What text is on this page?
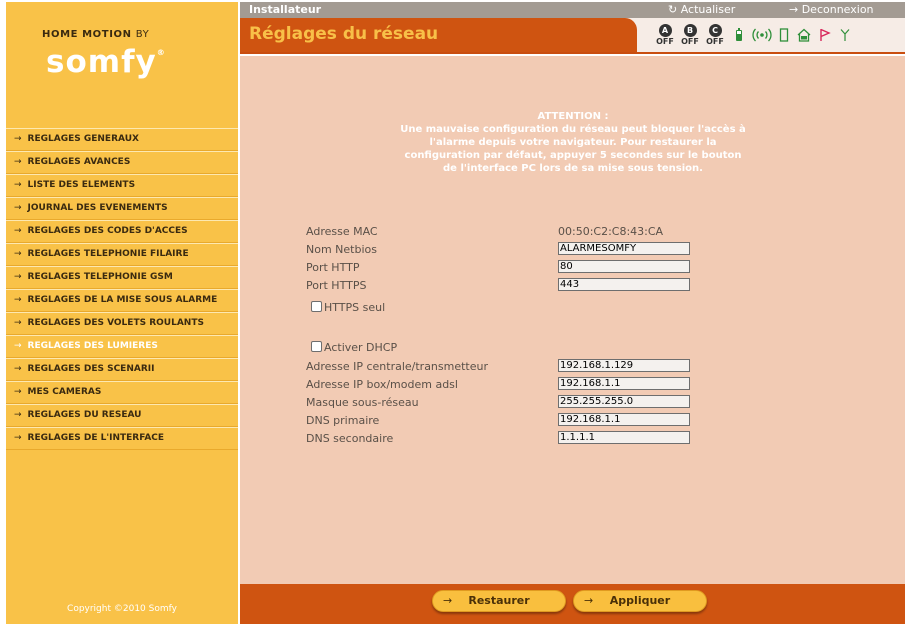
HOME MOTION BY
somfy®
→ REGLAGES GENERAUX
→ REGLAGES AVANCES
→ LISTE DES ELEMENTS
→ JOURNAL DES EVENEMENTS
→ REGLAGES DES CODES D'ACCES
→ REGLAGES TELEPHONIE FILAIRE
→ REGLAGES TELEPHONIE GSM
→ REGLAGES DE LA MISE SOUS ALARME
→ REGLAGES DES VOLETS ROULANTS
→ REGLAGES DES LUMIERES
→ REGLAGES DES SCENARII
→ MES CAMERAS
→ REGLAGES DU RESEAU
→ REGLAGES DE L'INTERFACE
Copyright ©2010 Somfy
Installateur	↻ Actualiser	→ Deconnexion
Réglages du réseau	A
OFF
B
OFF
C
OFF
ATTENTION :
Une mauvaise configuration du réseau peut bloquer l'accès à l'alarme depuis votre navigateur. Pour restaurer la configuration par défaut, appuyer 5 secondes sur le bouton de l'interface PC lors de sa mise sous tension.
Adresse MAC	00:50:C2:C8:43:CA
Nom Netbios	ALARMESOMFY
Port HTTP	80
Port HTTPS	443
HTTPS seul
Activer DHCP
Adresse IP centrale/transmetteur	192.168.1.129
Adresse IP box/modem adsl	192.168.1.1
Masque sous-réseau	255.255.255.0
DNS primaire	192.168.1.1
DNS secondaire	1.1.1.1
→	Restaurer	→	Appliquer
